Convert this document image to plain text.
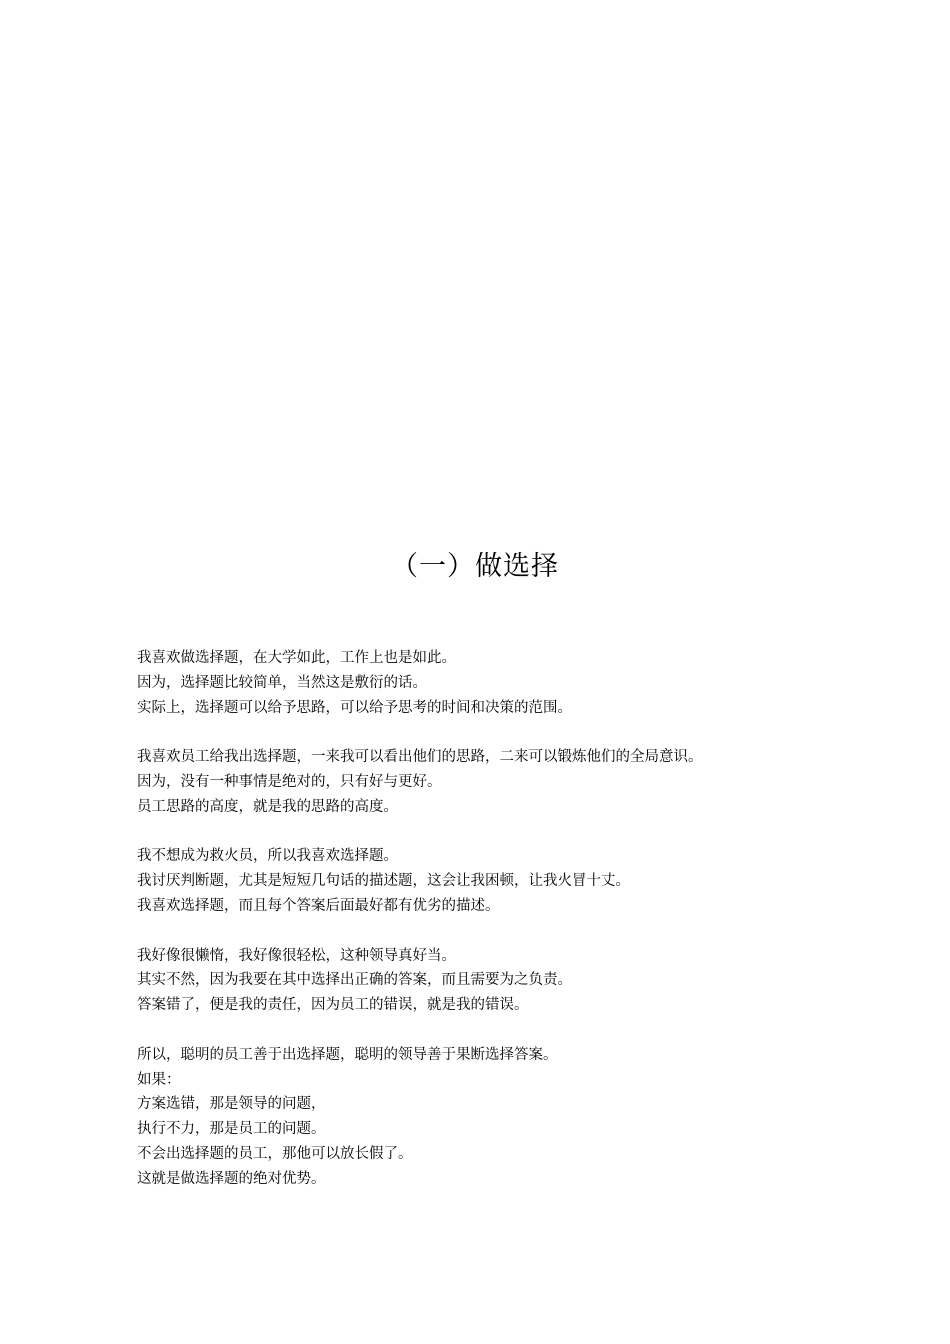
（一）做选择
我喜欢做选择题，在大学如此，工作上也是如此。
因为，选择题比较简单，当然这是敷衍的话。
实际上，选择题可以给予思路，可以给予思考的时间和决策的范围。
我喜欢员工给我出选择题，一来我可以看出他们的思路，二来可以锻炼他们的全局意识。
因为，没有一种事情是绝对的，只有好与更好。
员工思路的高度，就是我的思路的高度。
我不想成为救火员，所以我喜欢选择题。
我讨厌判断题，尤其是短短几句话的描述题，这会让我困顿，让我火冒十丈。
我喜欢选择题，而且每个答案后面最好都有优劣的描述。
我好像很懒惰，我好像很轻松，这种领导真好当。
其实不然，因为我要在其中选择出正确的答案，而且需要为之负责。
答案错了，便是我的责任，因为员工的错误，就是我的错误。
所以，聪明的员工善于出选择题，聪明的领导善于果断选择答案。
如果：
方案选错，那是领导的问题，
执行不力，那是员工的问题。
不会出选择题的员工，那他可以放长假了。
这就是做选择题的绝对优势。
